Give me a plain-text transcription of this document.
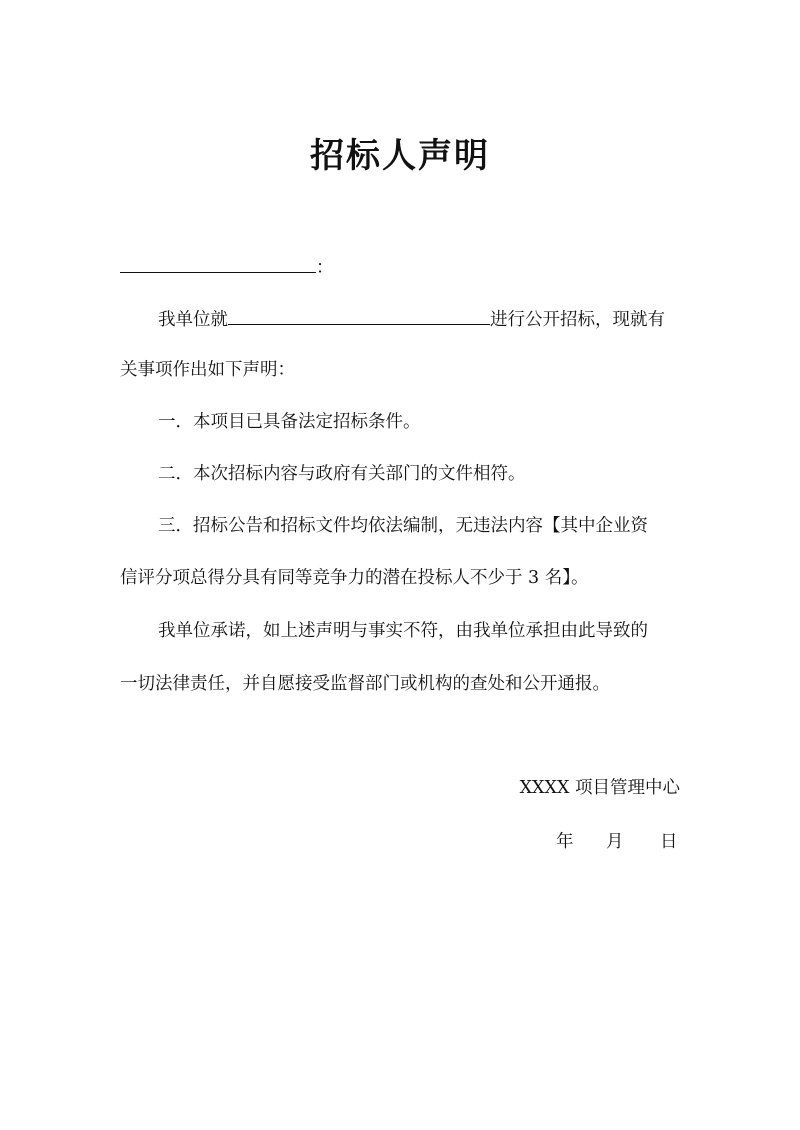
招标人声明
：
我单位就	进行公开招标，现就有
关事项作出如下声明：
一．本项目已具备法定招标条件。
二．本次招标内容与政府有关部门的文件相符。
三．招标公告和招标文件均依法编制，无违法内容【其中企业资
信评分项总得分具有同等竞争力的潜在投标人不少于 3 名】。
我单位承诺，如上述声明与事实不符，由我单位承担由此导致的
一切法律责任，并自愿接受监督部门或机构的查处和公开通报。
XXXX 项目管理中心
年 月 日
